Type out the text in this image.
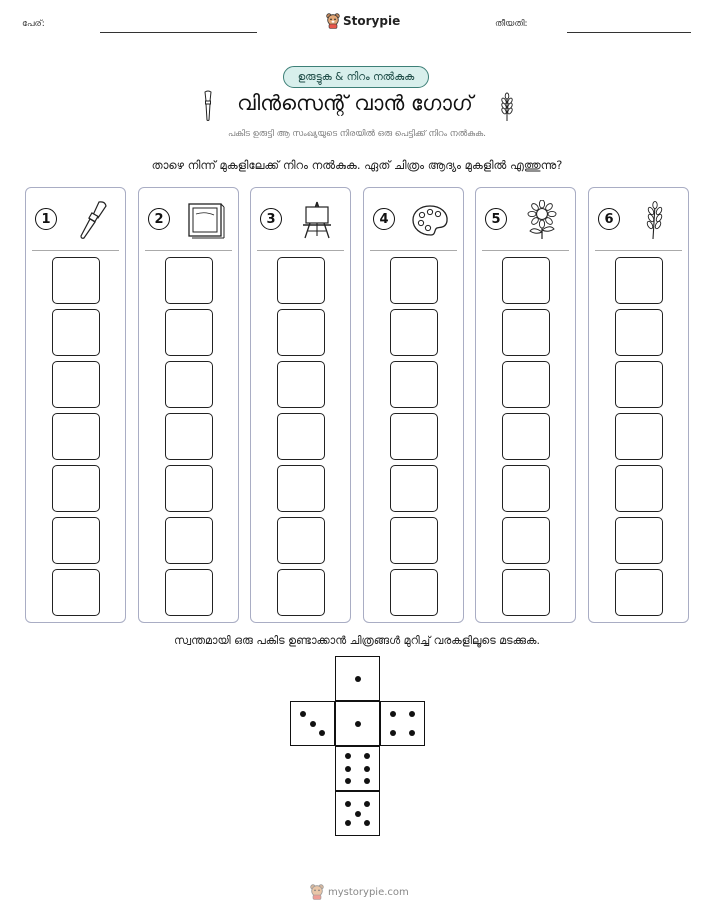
പേര്:	Storypie	തീയതി:
ഉരുട്ടുക & നിറം നൽകുക
വിൻസെന്റ് വാൻ ഗോഗ്
പകിട ഉരുട്ടി ആ സംഖ്യയുടെ നിരയിൽ ഒരു പെട്ടിക്ക് നിറം നൽകുക.
താഴെ നിന്ന് മുകളിലേക്ക് നിറം നൽകുക. ഏത് ചിത്രം ആദ്യം മുകളിൽ എത്തുന്നു?
1	2	3	4	5	6
സ്വന്തമായി ഒരു പകിട ഉണ്ടാക്കാൻ ചിത്രങ്ങൾ മുറിച്ച് വരകളിലൂടെ മടക്കുക.
mystorypie.com
